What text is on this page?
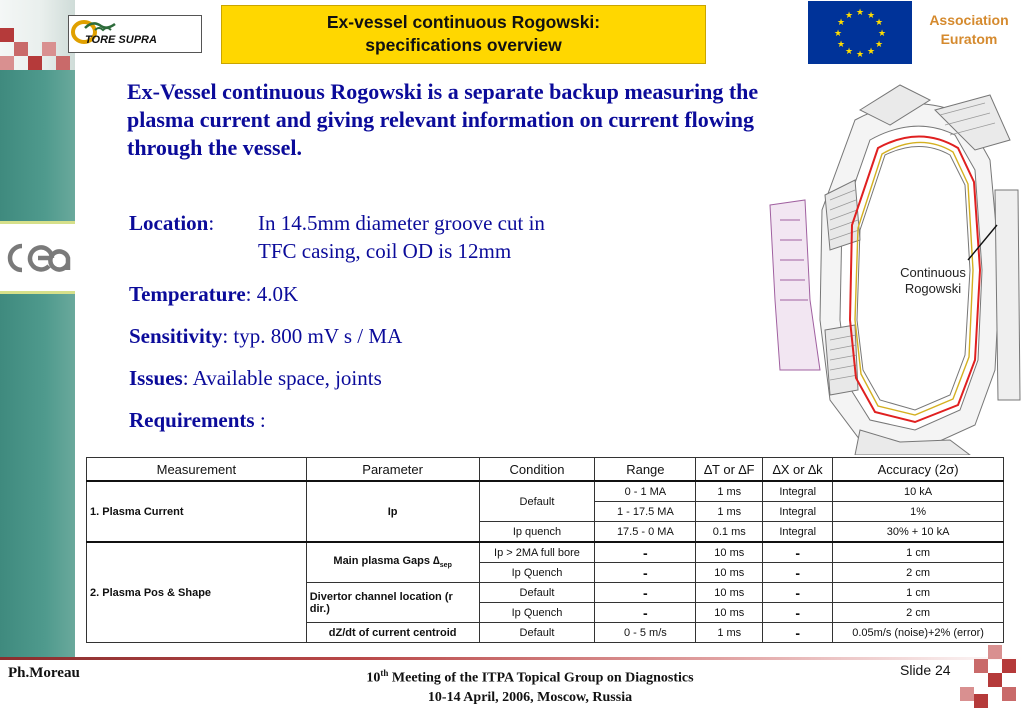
cea
TORE SUPRA
Ex-vessel continuous Rogowski:
specifications overview
★ ★
★
★
★
★
★
★
★
★
★
★	Association
Euratom
Ex-Vessel continuous Rogowski is a separate backup measuring the plasma current and giving relevant information on current flowing through the vessel.
Location: In 14.5mm diameter groove cut in
TFC casing, coil OD is 12mm
Temperature: 4.0K
Sensitivity: typ. 800 mV s / MA
Issues: Available space, joints
Requirements :
Continuous
Rogowski
Measurement	Parameter	Condition	Range	∆T or ∆F	∆X or ∆k	Accuracy (2σ)
1. Plasma Current	Ip	Default	0 - 1 MA	1 ms	Integral	10 kA
			1 - 17.5 MA	1 ms	Integral	1%
		Ip quench	17.5 - 0 MA	0.1 ms	Integral	30% + 10 kA
2. Plasma Pos & Shape	Main plasma Gaps $\Delta_{sep}$	Ip > 2MA full bore	-	10 ms	-	1 cm
		Ip Quench	-	10 ms	-	2 cm
	Divertor channel location (r dir.)	Default	-	10 ms	-	1 cm
		Ip Quench	-	10 ms	-	2 cm
	dZ/dt of current centroid	Default	0 - 5 m/s	1 ms	-	0.05m/s (noise)+2% (error)
Ph.Moreau	10th Meeting of the ITPA Topical Group on Diagnostics
10-14 April, 2006, Moscow, Russia
Slide 24
